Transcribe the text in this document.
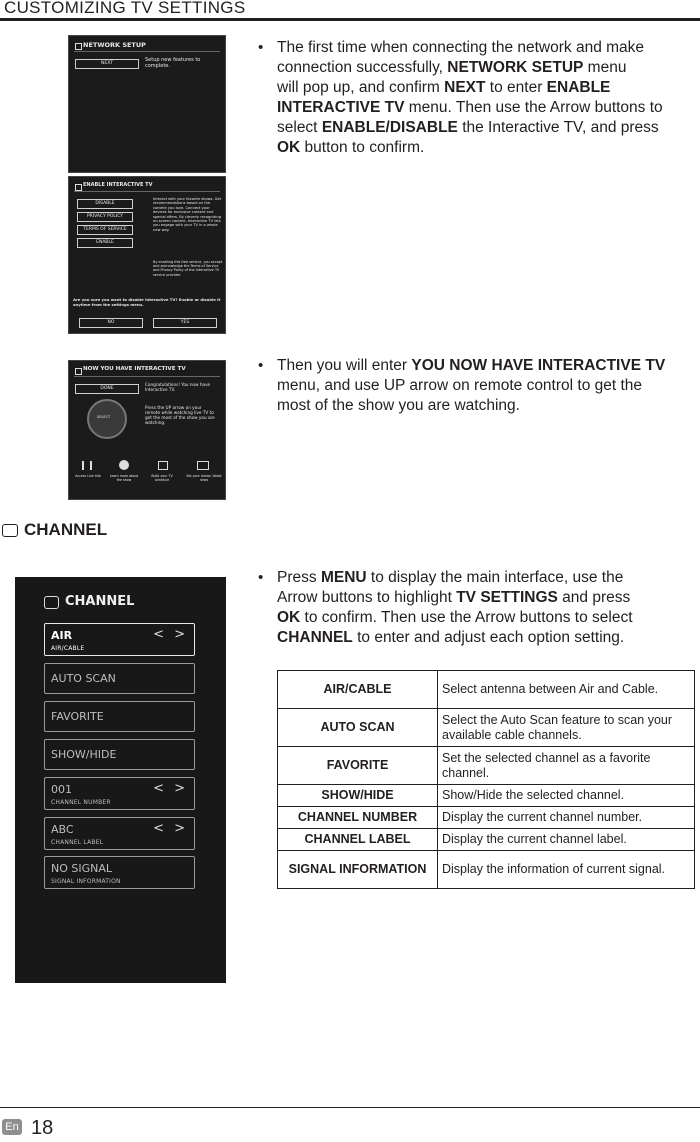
CUSTOMIZING TV SETTINGS
NETWORK SETUP
NEXT
Setup new features to complete.
ENABLE INTERACTIVE TV
DISABLE
PRIVACY POLICY
TERMS OF SERVICE
ENABLE
Interact with your favorite shows. Get recommendations based on the content you love. Connect your devices for exclusive content and special offers. By cleverly recognizing on-screen content, Interactive TV lets you engage with your TV in a whole new way.
By enabling this free service, you accept and acknowledge the Terms of Service and Privacy Policy of the Interactive TV service provider.
Are you sure you want to disable Interactive TV? Enable or disable it anytime from the settings menu.
NO	YES
NOW YOU HAVE INTERACTIVE TV
DONE
Congratulations! You now have Interactive TV.
SELECT
Press the UP arrow on your remote while watching live TV to get the most of the show you are watching.
Access Live info	Learn more about the show
Build your TV schedule
Set your shows' latest news
• The first time when connecting the network and make
connection successfully, NETWORK SETUP menu
will pop up, and confirm NEXT to enter ENABLE
INTERACTIVE TV menu. Then use the Arrow buttons to
select ENABLE/DISABLE the Interactive TV, and press
OK button to confirm.
• Then you will enter YOU NOW HAVE INTERACTIVE TV
menu, and use UP arrow on remote control to get the
most of the show you are watching.
CHANNEL
CHANNEL
AIR
AIR/CABLE
< >
AUTO SCAN
FAVORITE
SHOW/HIDE
001
CHANNEL NUMBER
< >
ABC
CHANNEL LABEL
< >
NO SIGNAL
SIGNAL INFORMATION
• Press MENU to display the main interface, use the
Arrow buttons to highlight TV SETTINGS and press
OK to confirm. Then use the Arrow buttons to select
CHANNEL to enter and adjust each option setting.
AIR/CABLE	Select antenna between Air and Cable.
AUTO SCAN	Select the Auto Scan feature to scan your available cable channels.
FAVORITE	Set the selected channel as a favorite channel.
SHOW/HIDE	Show/Hide the selected channel.
CHANNEL NUMBER	Display the current channel number.
CHANNEL LABEL	Display the current channel label.
SIGNAL INFORMATION	Display the information of current signal.
En 18
